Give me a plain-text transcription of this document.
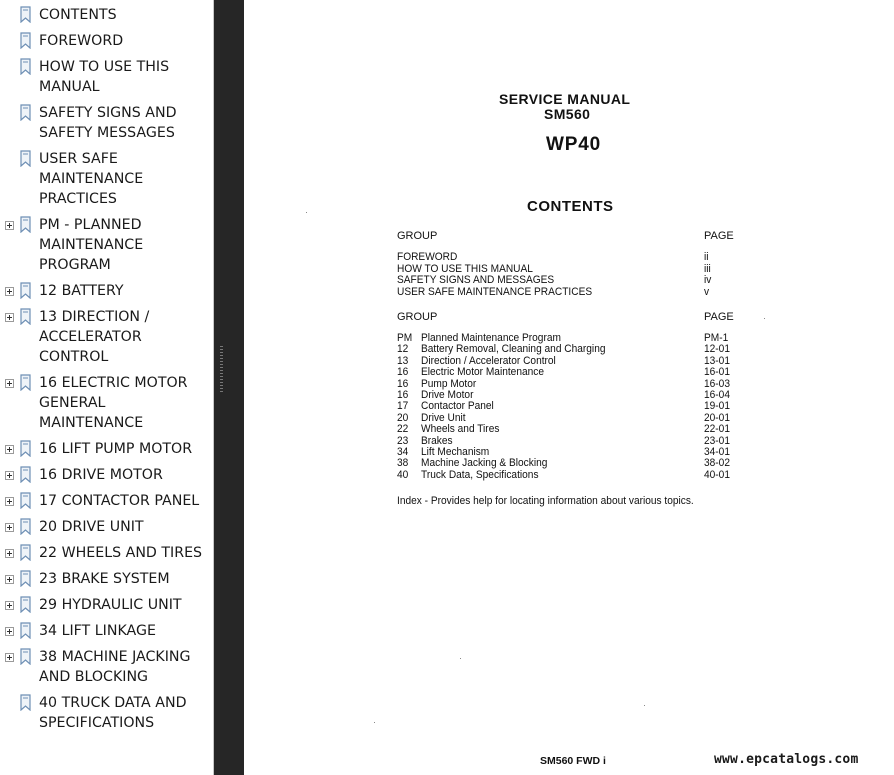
CONTENTS
FOREWORD
HOW TO USE THIS
MANUAL
SAFETY SIGNS AND
SAFETY MESSAGES
USER SAFE
MAINTENANCE
PRACTICES
PM - PLANNED
MAINTENANCE
PROGRAM
12 BATTERY
13 DIRECTION /
ACCELERATOR CONTROL
16 ELECTRIC MOTOR
GENERAL MAINTENANCE
16 LIFT PUMP MOTOR
16 DRIVE MOTOR
17 CONTACTOR PANEL
20 DRIVE UNIT
22 WHEELS AND TIRES
23 BRAKE SYSTEM
29 HYDRAULIC UNIT
34 LIFT LINKAGE
38 MACHINE JACKING
AND BLOCKING
40 TRUCK DATA AND
SPECIFICATIONS
SERVICE MANUAL
SM560
WP40
CONTENTS
GROUP	PAGE
FOREWORD	ii
HOW TO USE THIS MANUAL	iii
SAFETY SIGNS AND MESSAGES	iv
USER SAFE MAINTENANCE PRACTICES	v
GROUP	PAGE
PM Planned Maintenance Program	PM-1
12 Battery Removal, Cleaning and Charging	12-01
13 Direction / Accelerator Control	13-01
16 Electric Motor Maintenance	16-01
16 Pump Motor	16-03
16 Drive Motor	16-04
17 Contactor Panel	19-01
20 Drive Unit	20-01
22 Wheels and Tires	22-01
23 Brakes	23-01
34 Lift Mechanism	34-01
38 Machine Jacking & Blocking	38-02
40 Truck Data, Specifications	40-01
Index - Provides help for locating information about various topics.
SM560 FWD i	www.epcatalogs.com
